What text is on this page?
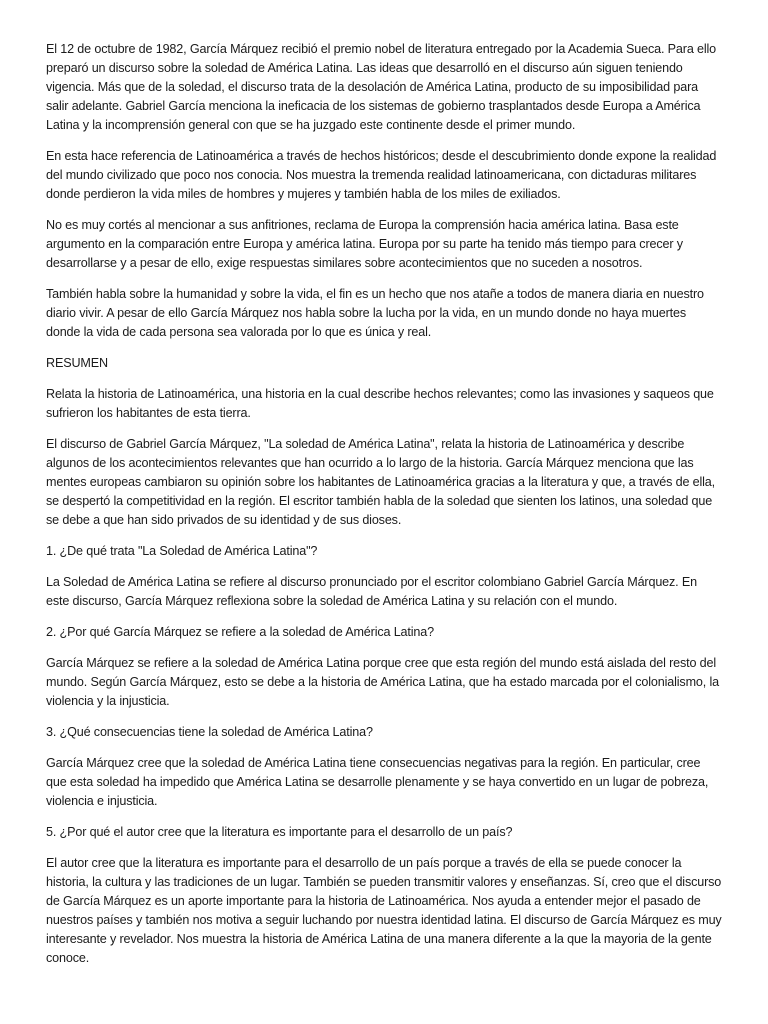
El 12 de octubre de 1982, García Márquez recibió el premio nobel de literatura entregado por la Academia Sueca. Para ello preparó un discurso sobre la soledad de América Latina. Las ideas que desarrolló en el discurso aún siguen teniendo vigencia. Más que de la soledad, el discurso trata de la desolación de América Latina, producto de su imposibilidad para salir adelante. Gabriel García menciona la ineficacia de los sistemas de gobierno trasplantados desde Europa a América Latina y la incomprensión general con que se ha juzgado este continente desde el primer mundo.

En esta hace referencia de Latinoamérica a través de hechos históricos; desde el descubrimiento donde expone la realidad del mundo civilizado que poco nos conocia. Nos muestra la tremenda realidad latinoamericana, con dictaduras militares donde perdieron la vida miles de hombres y mujeres y también habla de los miles de exiliados.

No es muy cortés al mencionar a sus anfitriones, reclama de Europa la comprensión hacia américa latina. Basa este argumento en la comparación entre Europa y américa latina. Europa por su parte ha tenido más tiempo para crecer y desarrollarse y a pesar de ello, exige respuestas similares sobre acontecimientos que no suceden a nosotros.

También habla sobre la humanidad y sobre la vida, el fin es un hecho que nos atañe a todos de manera diaria en nuestro diario vivir. A pesar de ello García Márquez nos habla sobre la lucha por la vida, en un mundo donde no haya muertes donde la vida de cada persona sea valorada por lo que es única y real.

RESUMEN

Relata la historia de Latinoamérica, una historia en la cual describe hechos relevantes; como las invasiones y saqueos que sufrieron los habitantes de esta tierra.

El discurso de Gabriel García Márquez, "La soledad de América Latina", relata la historia de Latinoamérica y describe algunos de los acontecimientos relevantes que han ocurrido a lo largo de la historia. García Márquez menciona que las mentes europeas cambiaron su opinión sobre los habitantes de Latinoamérica gracias a la literatura y que, a través de ella, se despertó la competitividad en la región. El escritor también habla de la soledad que sienten los latinos, una soledad que se debe a que han sido privados de su identidad y de sus dioses.

1. ¿De qué trata "La Soledad de América Latina"?

La Soledad de América Latina se refiere al discurso pronunciado por el escritor colombiano Gabriel García Márquez. En este discurso, García Márquez reflexiona sobre la soledad de América Latina y su relación con el mundo.

2. ¿Por qué García Márquez se refiere a la soledad de América Latina?

García Márquez se refiere a la soledad de América Latina porque cree que esta región del mundo está aislada del resto del mundo. Según García Márquez, esto se debe a la historia de América Latina, que ha estado marcada por el colonialismo, la violencia y la injusticia.

3. ¿Qué consecuencias tiene la soledad de América Latina?

García Márquez cree que la soledad de América Latina tiene consecuencias negativas para la región. En particular, cree que esta soledad ha impedido que América Latina se desarrolle plenamente y se haya convertido en un lugar de pobreza, violencia e injusticia.

5. ¿Por qué el autor cree que la literatura es importante para el desarrollo de un país?

El autor cree que la literatura es importante para el desarrollo de un país porque a través de ella se puede conocer la historia, la cultura y las tradiciones de un lugar. También se pueden transmitir valores y enseñanzas. Sí, creo que el discurso de García Márquez es un aporte importante para la historia de Latinoamérica. Nos ayuda a entender mejor el pasado de nuestros países y también nos motiva a seguir luchando por nuestra identidad latina. El discurso de García Márquez es muy interesante y revelador. Nos muestra la historia de América Latina de una manera diferente a la que la mayoria de la gente conoce.
